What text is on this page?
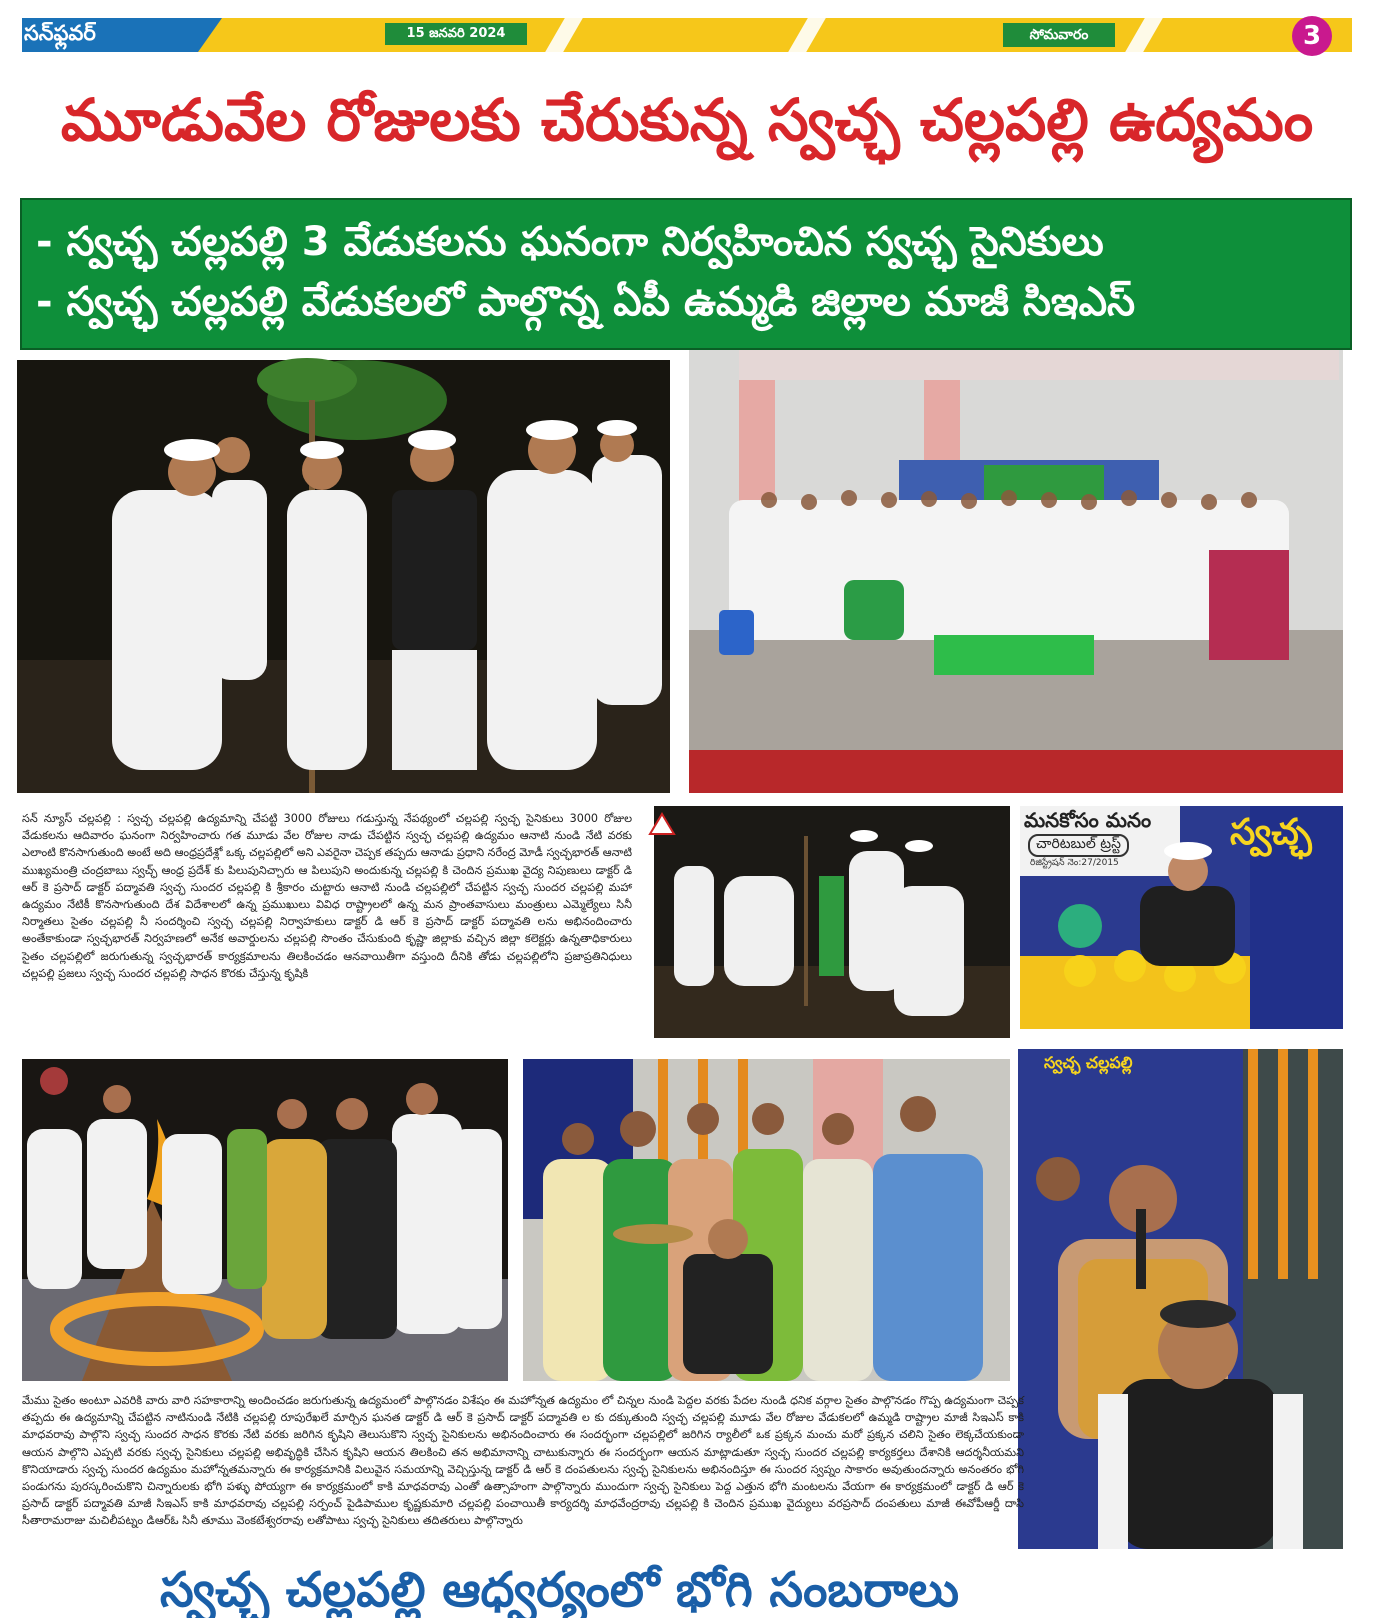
సన్‌ఫ్లవర్	15 జనవరి 2024	సోమవారం	3
మూడువేల రోజులకు చేరుకున్న స్వచ్ఛ చల్లపల్లి ఉద్యమం
- స్వచ్ఛ చల్లపల్లి 3 వేడుకలను ఘనంగా నిర్వహించిన స్వచ్ఛ సైనికులు
- స్వచ్ఛ చల్లపల్లి వేడుకలలో పాల్గొన్న ఏపీ ఉమ్మడి జిల్లాల మాజీ సిఇఎస్
సన్ న్యూస్ చల్లపల్లి : స్వచ్ఛ చల్లపల్లి ఉద్యమాన్ని చేపట్టి 3000 రోజులు గడుస్తున్న నేపథ్యంలో చల్లపల్లి స్వచ్ఛ సైనికులు 3000 రోజుల వేడుకలను ఆదివారం ఘనంగా నిర్వహించారు గత మూడు వేల రోజుల నాడు చేపట్టిన స్వచ్ఛ చల్లపల్లి ఉద్యమం ఆనాటి నుండి నేటి వరకు ఎలాంటి కొనసాగుతుంది అంటే అది ఆంధ్రప్రదేశ్లో ఒక్క చల్లపల్లిలో అని ఎవరైనా చెప్పక తప్పదు ఆనాడు ప్రధాని నరేంద్ర మోడీ స్వచ్ఛభారత్ ఆనాటి ముఖ్యమంత్రి చంద్రబాబు స్వచ్ఛ్ ఆంధ్ర ప్రదేశ్ కు పిలుపునిచ్చారు ఆ పిలుపుని అందుకున్న చల్లపల్లి కి చెందిన ప్రముఖ వైద్య నిపుణులు డాక్టర్ డి ఆర్ కె ప్రసాద్ డాక్టర్ పద్మావతి స్వచ్ఛ సుందర చల్లపల్లి కి శ్రీకారం చుట్టారు ఆనాటి నుండి చల్లపల్లిలో చేపట్టిన స్వచ్ఛ సుందర చల్లపల్లి మహా ఉద్యమం నేటికీ కొనసాగుతుంది దేశ విదేశాలలో ఉన్న ప్రముఖులు వివిధ రాష్ట్రాలలో ఉన్న మన ప్రాంతవాసులు మంత్రులు ఎమ్మెల్యేలు సినీ నిర్మాతలు సైతం చల్లపల్లి నీ సందర్శించి స్వచ్ఛ చల్లపల్లి నిర్వాహకులు డాక్టర్ డి ఆర్ కె ప్రసాద్ డాక్టర్ పద్మావతి లను అభినందించారు అంతేకాకుండా స్వచ్ఛభారత్ నిర్వహణలో అనేక అవార్డులను చల్లపల్లి సొంతం చేసుకుంది కృష్ణా జిల్లాకు వచ్చిన జిల్లా కలెక్టర్లు ఉన్నతాధికారులు సైతం చల్లపల్లిలో జరుగుతున్న స్వచ్ఛభారత్ కార్యక్రమాలను తిలకించడం ఆనవాయితీగా వస్తుంది దీనికి తోడు చల్లపల్లిలోని ప్రజాప్రతినిధులు చల్లపల్లి ప్రజలు స్వచ్ఛ సుందర చల్లపల్లి సాధన కొరకు చేస్తున్న కృషికి
మనకోసం మనం
చారిటబుల్ ట్రస్ట్
రిజిస్ట్రేషన్ నెం:27/2015
స్వచ్ఛ
స్వచ్ఛ చల్లపల్లి
మేము సైతం అంటూ ఎవరికి వారు వారి సహకారాన్ని అందించడం జరుగుతున్న ఉద్యమంలో పాల్గొనడం విశేషం ఈ మహోన్నత ఉద్యమం లో చిన్నల నుండి పెద్దల వరకు పేదల నుండి ధనిక వర్గాల సైతం పాల్గొనడం గొప్ప ఉద్యమంగా చెప్పక తప్పదు ఈ ఉద్యమాన్ని చేపట్టిన నాటినుండి నేటికి చల్లపల్లి రూపురేఖలే మార్చిన ఘనత డాక్టర్ డి ఆర్ కె ప్రసాద్ డాక్టర్ పద్మావతి ల కు దక్కుతుంది స్వచ్ఛ చల్లపల్లి మూడు వేల రోజుల వేడుకలలో ఉమ్మడి రాష్ట్రాల మాజీ సిఇఎస్ కాకి మాధవరావు పాల్గొని స్వచ్ఛ సుందర సాధన కొరకు నేటి వరకు జరిగిన కృషిని తెలుసుకొని స్వచ్ఛ సైనికులను అభినందించారు ఈ సందర్భంగా చల్లపల్లిలో జరిగిన ర్యాలీలో ఒక ప్రక్కన మంచు మరో ప్రక్కన చలిని సైతం లెక్కచేయకుండా ఆయన పాల్గొని ఎప్పటి వరకు స్వచ్ఛ సైనికులు చల్లపల్లి అభివృద్ధికి చేసిన కృషిని ఆయన తిలకించి తన అభిమానాన్ని చాటుకున్నారు ఈ సందర్భంగా ఆయన మాట్లాడుతూ స్వచ్ఛ సుందర చల్లపల్లి కార్యకర్తలు దేశానికి ఆదర్శనీయమని కొనియాడారు స్వచ్ఛ సుందర ఉద్యమం మహోన్నతమన్నారు ఈ కార్యక్రమానికి విలువైన సమయాన్ని వెచ్చిస్తున్న డాక్టర్ డి ఆర్ కె దంపతులను స్వచ్ఛ సైనికులను అభినందిస్తూ ఈ సుందర స్వప్నం సాకారం అవుతుందన్నారు అనంతరం భోగి పండుగను పురస్కరించుకొని చిన్నారులకు భోగి పళ్ళు పోయ్యగా ఈ కార్యక్రమంలో కాకి మాధవరావు ఎంతో ఉత్సాహంగా పాల్గొన్నారు ముందుగా స్వచ్ఛ సైనికులు పెద్ద ఎత్తున భోగి మంటలను వేయగా ఈ కార్యక్రమంలో డాక్టర్ డి ఆర్ కె ప్రసాద్ డాక్టర్ పద్మావతి మాజీ సిఇఎస్ కాకి మాధవరావు చల్లపల్లి సర్పంచ్ పైడిపాముల కృష్ణకుమారి చల్లపల్లి పంచాయితీ కార్యదర్శి మాధవేంద్రరావు చల్లపల్లి కి చెందిన ప్రముఖ వైద్యులు వరప్రసాద్ దంపతులు మాజీ ఈవోపీఆర్డీ దాసి సీతారామరాజు మచిలీపట్నం డిఆర్ఓ సినీ తూము వెంకటేశ్వరరావు లతోపాటు స్వచ్ఛ సైనికులు తదితరులు పాల్గొన్నారు
స్వచ్ఛ చల్లపల్లి ఆధ్వర్యంలో భోగి సంబరాలు
